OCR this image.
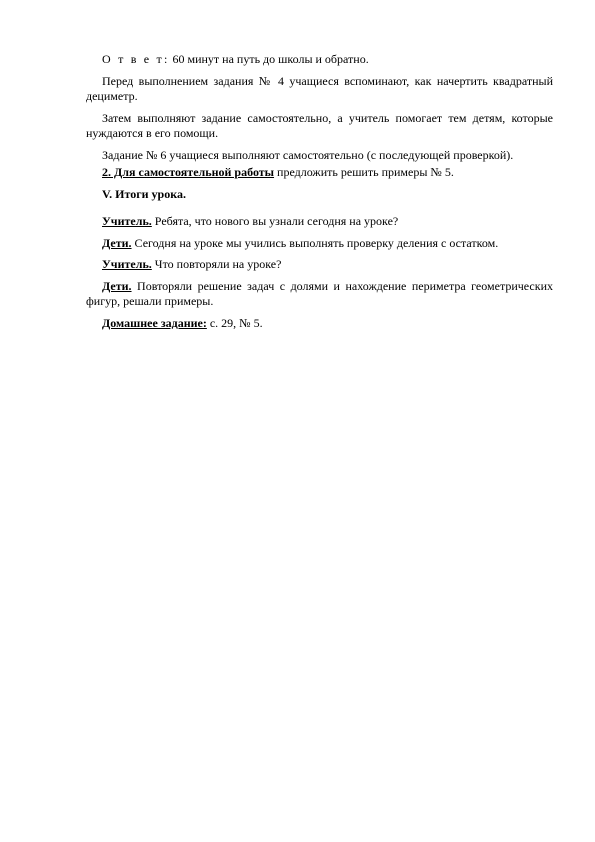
О т в е т: 60 минут на путь до школы и обратно.

Перед выполнением задания № 4 учащиеся вспоминают, как начертить квадратный дециметр.

Затем выполняют задание самостоятельно, а учитель помогает тем детям, которые нуждаются в его помощи.

Задание № 6 учащиеся выполняют самостоятельно (с последующей проверкой).

2. Для самостоятельной работы предложить решить примеры № 5.

V. Итоги урока.

Учитель. Ребята, что нового вы узнали сегодня на уроке?

Дети. Сегодня на уроке мы учились выполнять проверку деления с остатком.

Учитель. Что повторяли на уроке?

Дети. Повторяли решение задач с долями и нахождение периметра геометрических фигур, решали примеры.

Домашнее задание: с. 29, № 5.
